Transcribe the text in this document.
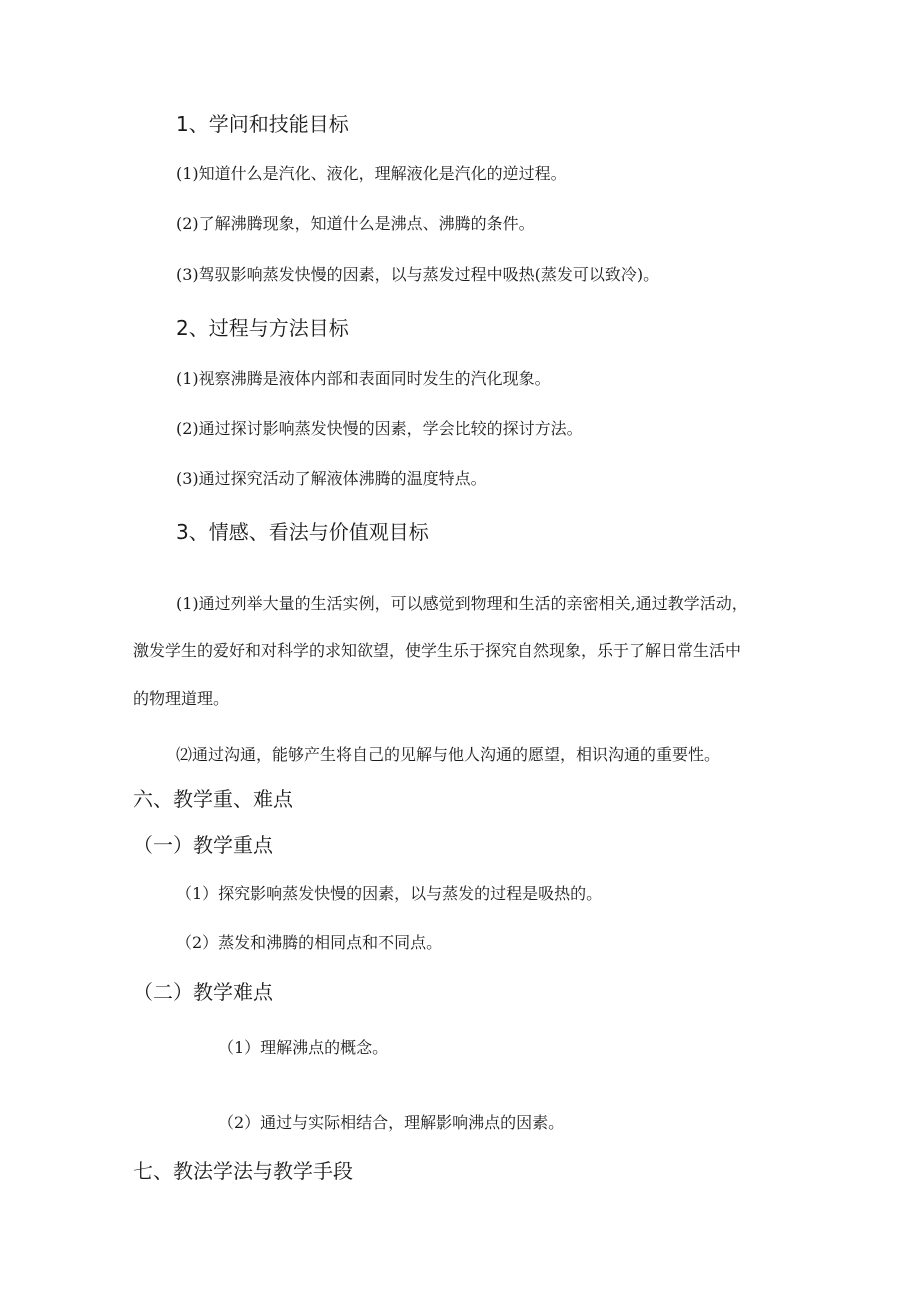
1、学问和技能目标
(1)知道什么是汽化、液化，理解液化是汽化的逆过程。
(2)了解沸腾现象，知道什么是沸点、沸腾的条件。
(3)驾驭影响蒸发快慢的因素，以与蒸发过程中吸热(蒸发可以致冷)。
2、过程与方法目标
(1)视察沸腾是液体内部和表面同时发生的汽化现象。
(2)通过探讨影响蒸发快慢的因素，学会比较的探讨方法。
(3)通过探究活动了解液体沸腾的温度特点。
3、情感、看法与价值观目标
(1)通过列举大量的生活实例，可以感觉到物理和生活的亲密相关,通过教学活动，
激发学生的爱好和对科学的求知欲望，使学生乐于探究自然现象，乐于了解日常生活中
的物理道理。
⑵通过沟通，能够产生将自己的见解与他人沟通的愿望，相识沟通的重要性。
六、教学重、难点
（一）教学重点
（1）探究影响蒸发快慢的因素，以与蒸发的过程是吸热的。
（2）蒸发和沸腾的相同点和不同点。
（二）教学难点
（1）理解沸点的概念。
（2）通过与实际相结合，理解影响沸点的因素。
七、教法学法与教学手段
